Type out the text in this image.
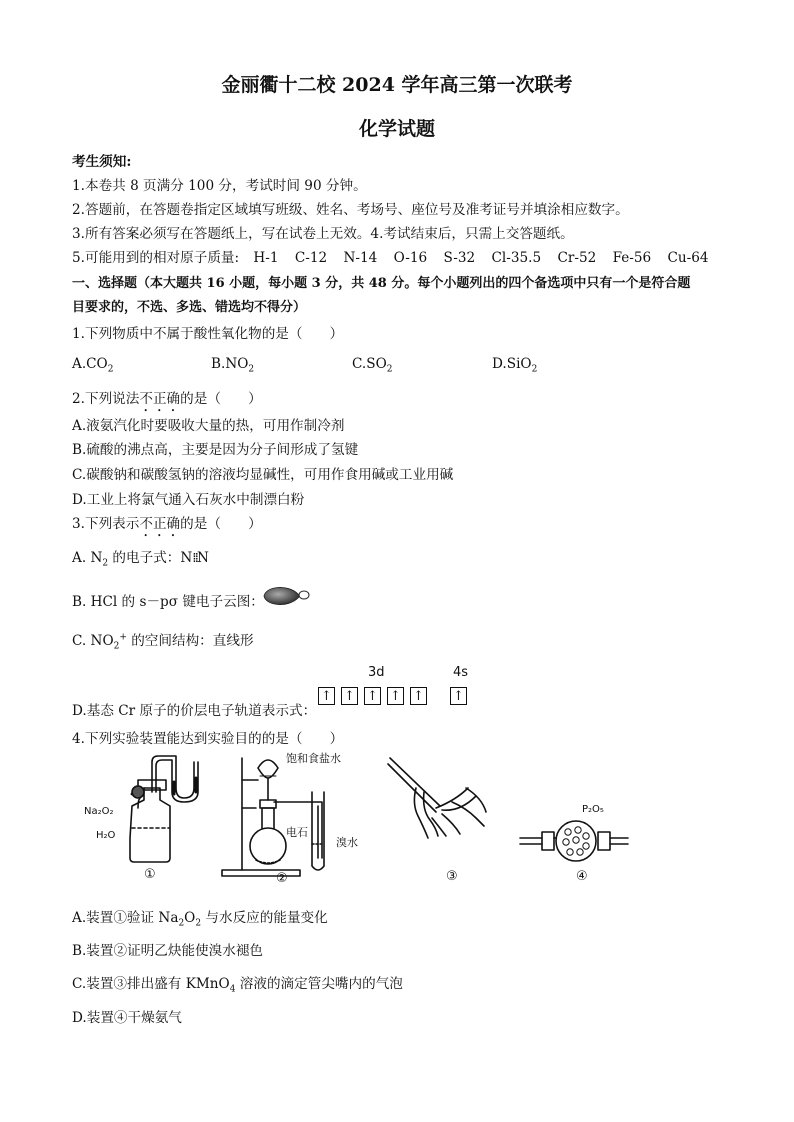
金丽衢十二校 2024 学年高三第一次联考
化学试题
考生须知:
1.本卷共 8 页满分 100 分，考试时间 90 分钟。
2.答题前，在答题卷指定区域填写班级、姓名、考场号、座位号及准考证号并填涂相应数字。
3.所有答案必须写在答题纸上，写在试卷上无效。4.考试结束后，只需上交答题纸。
5.可能用到的相对原子质量: H-1 C-12 N-14 O-16 S-32 Cl-35.5 Cr-52 Fe-56 Cu-64
一、选择题（本大题共 16 小题，每小题 3 分，共 48 分。每个小题列出的四个备选项中只有一个是符合题
目要求的，不选、多选、错选均不得分）
1.下列物质中不属于酸性氧化物的是（　　）
$A.CO_2$	$B.NO_2$	$C.SO_2$	D.SiO$_2$
2.下列说法不正确的是（　　）
A.液氨汽化时要吸收大量的热，可用作制冷剂
B.硫酸的沸点高，主要是因为分子间形成了氢键
C.碳酸钠和碳酸氢钠的溶液均显碱性，可用作食用碱或工业用碱
D.工业上将氯气通入石灰水中制漂白粉
3.下列表示不正确的是（　　）
A. $N_2$ 的电子式：N⁞⁞N
B. HCl 的 s－pσ 键电子云图：
C. $NO_2^+$ 的空间结构：直线形
D.基态 Cr 原子的价层电子轨道表示式：
3d	4s
↑ ↑ ↑ ↑ ↑ ↑
4.下列实验装置能达到实验目的的是（　　）
Na₂O₂
H₂O
①
饱和食盐水
电石
溴水
②	③
P₂O₅
④
A.装置①验证 $Na_2O_2$ 与水反应的能量变化
B.装置②证明乙炔能使溴水褪色
C.装置③排出盛有 KMnO$_4$ 溶液的滴定管尖嘴内的气泡
D.装置④干燥氨气
